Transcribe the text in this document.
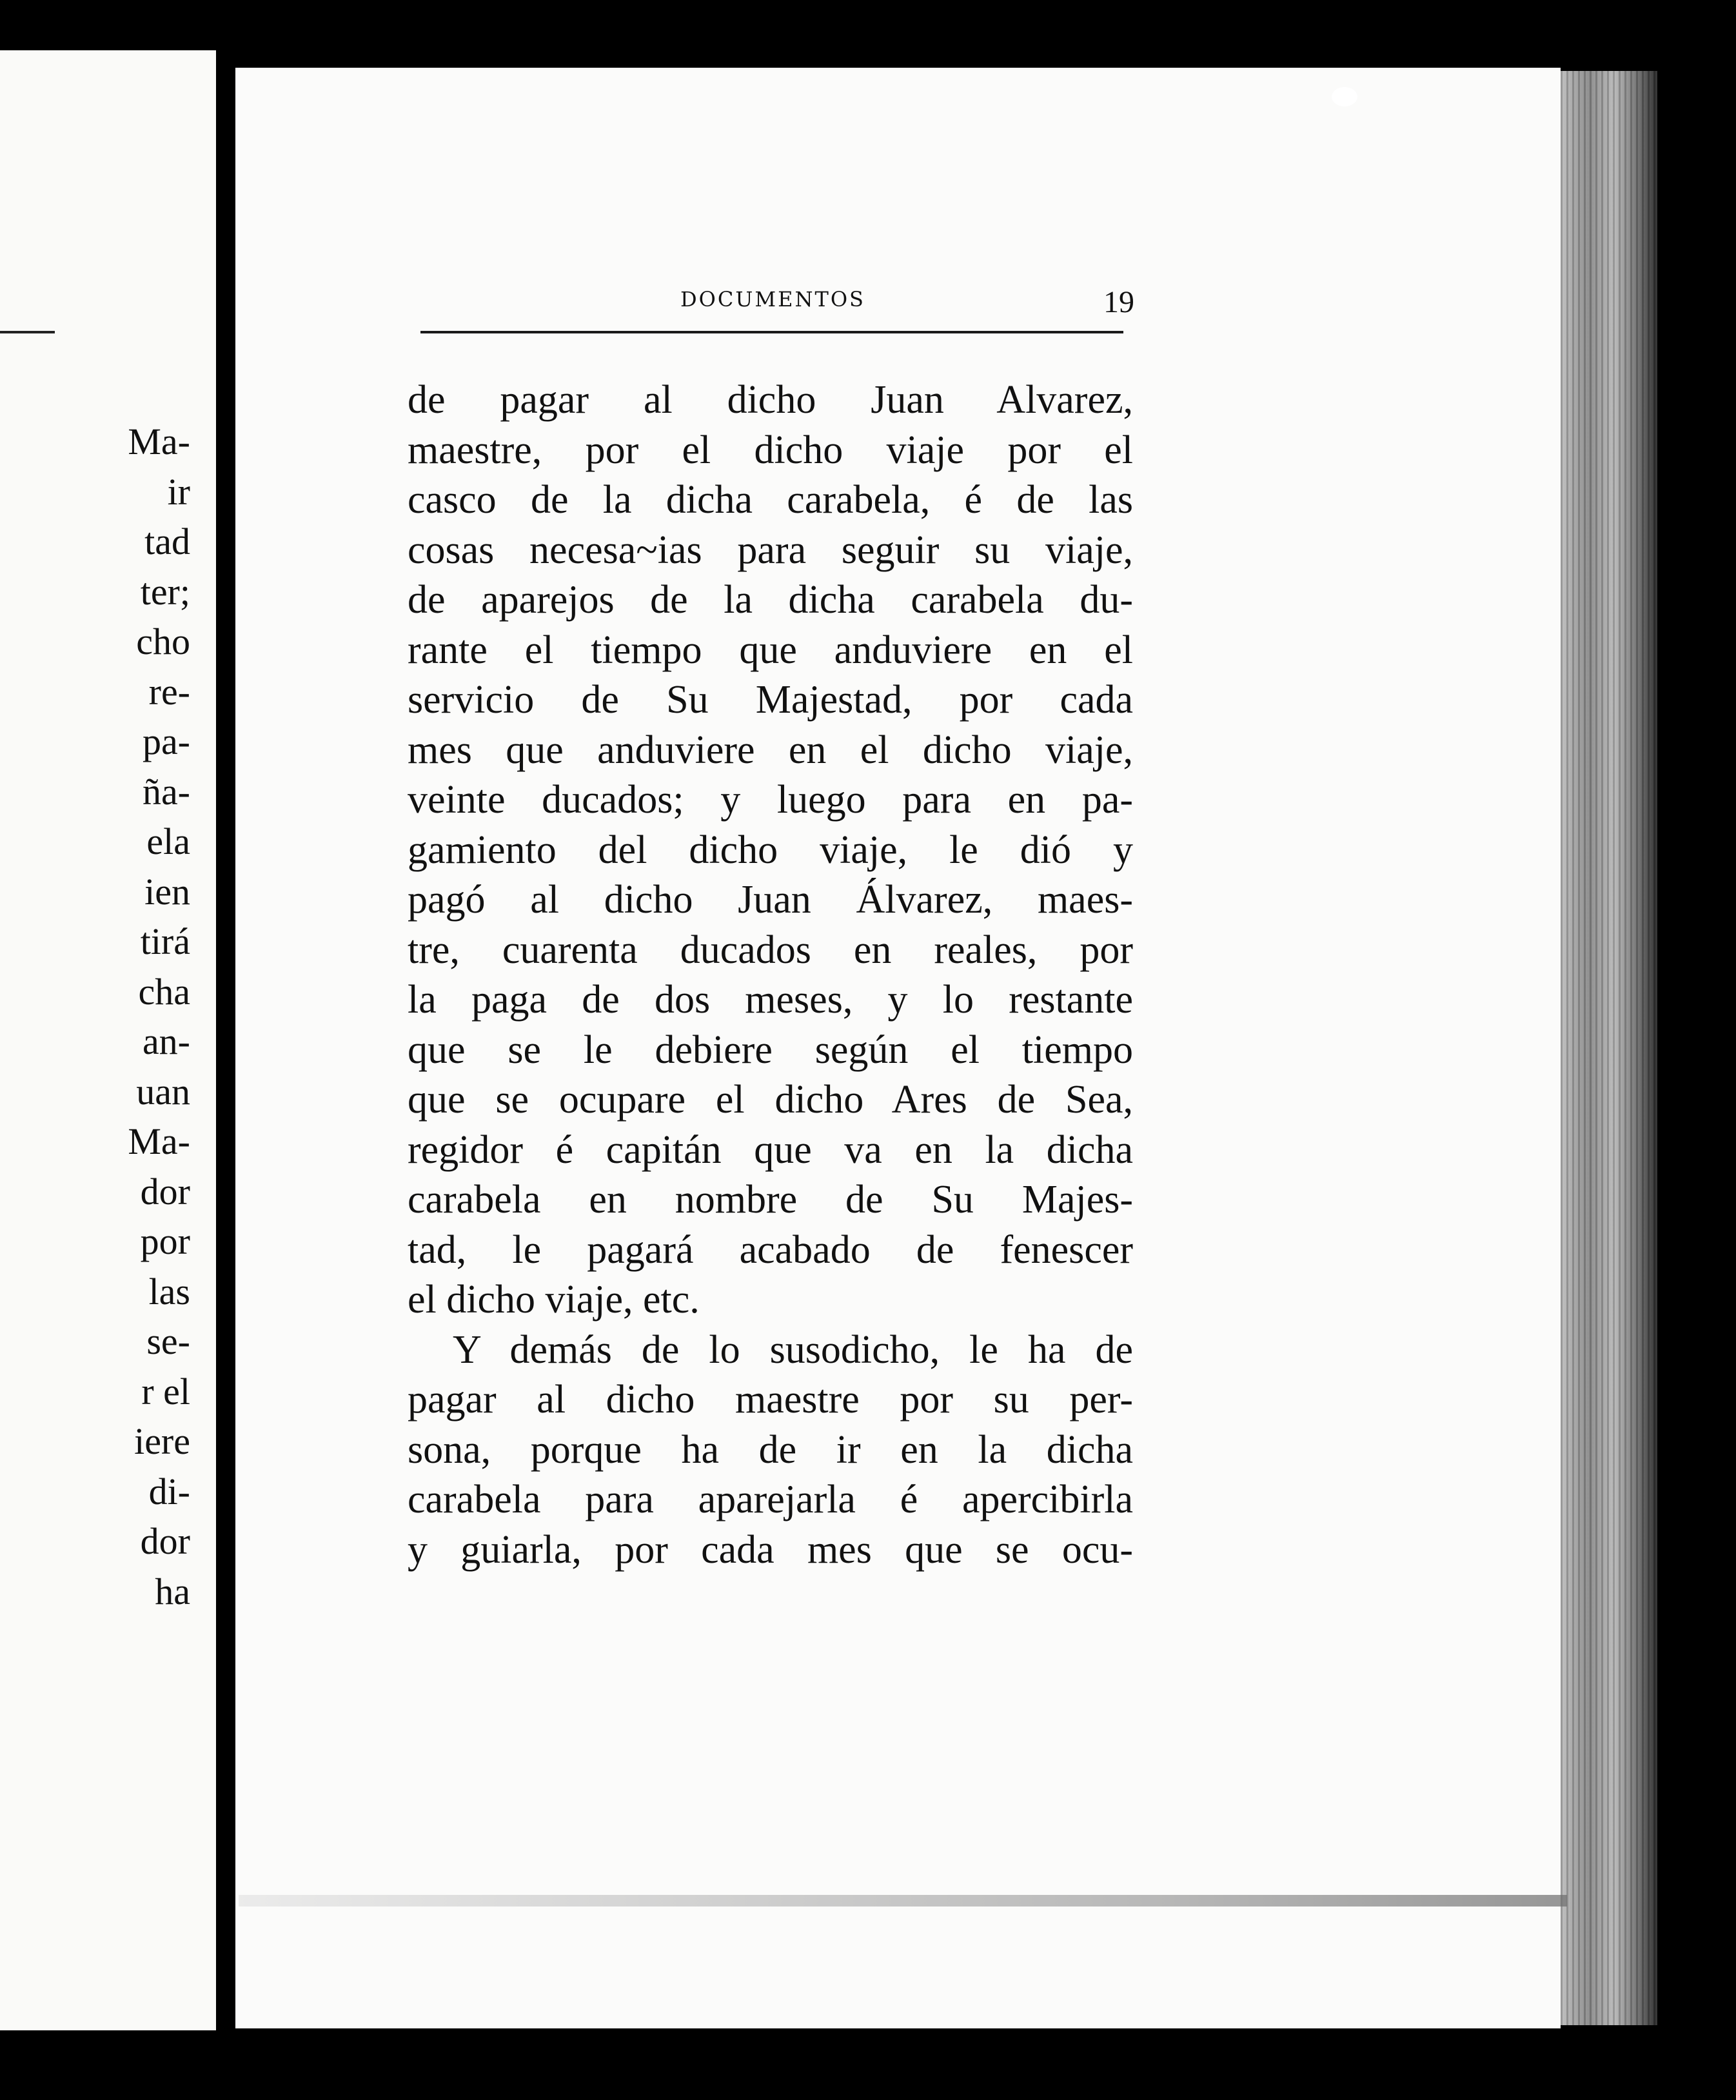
Ma-
ir
tad
ter;
cho
re-
pa-
ña-
ela
ien
tirá
cha
an-
uan
Ma-
dor
por
las
se-
r el
iere
di-
dor
ha
DOCUMENTOS	19
de pagar al dicho Juan Alvarez,
maestre, por el dicho viaje por el
casco de la dicha carabela, é de las
cosas necesa~ias para seguir su viaje,
de aparejos de la dicha carabela du-
rante el tiempo que anduviere en el
servicio de Su Majestad, por cada
mes que anduviere en el dicho viaje,
veinte ducados; y luego para en pa-
gamiento del dicho viaje, le dió y
pagó al dicho Juan Álvarez, maes-
tre, cuarenta ducados en reales, por
la paga de dos meses, y lo restante
que se le debiere según el tiempo
que se ocupare el dicho Ares de Sea,
regidor é capitán que va en la dicha
carabela en nombre de Su Majes-
tad, le pagará acabado de fenescer
el dicho viaje, etc.
Y demás de lo susodicho, le ha de
pagar al dicho maestre por su per-
sona, porque ha de ir en la dicha
carabela para aparejarla é apercibirla
y guiarla, por cada mes que se ocu-
